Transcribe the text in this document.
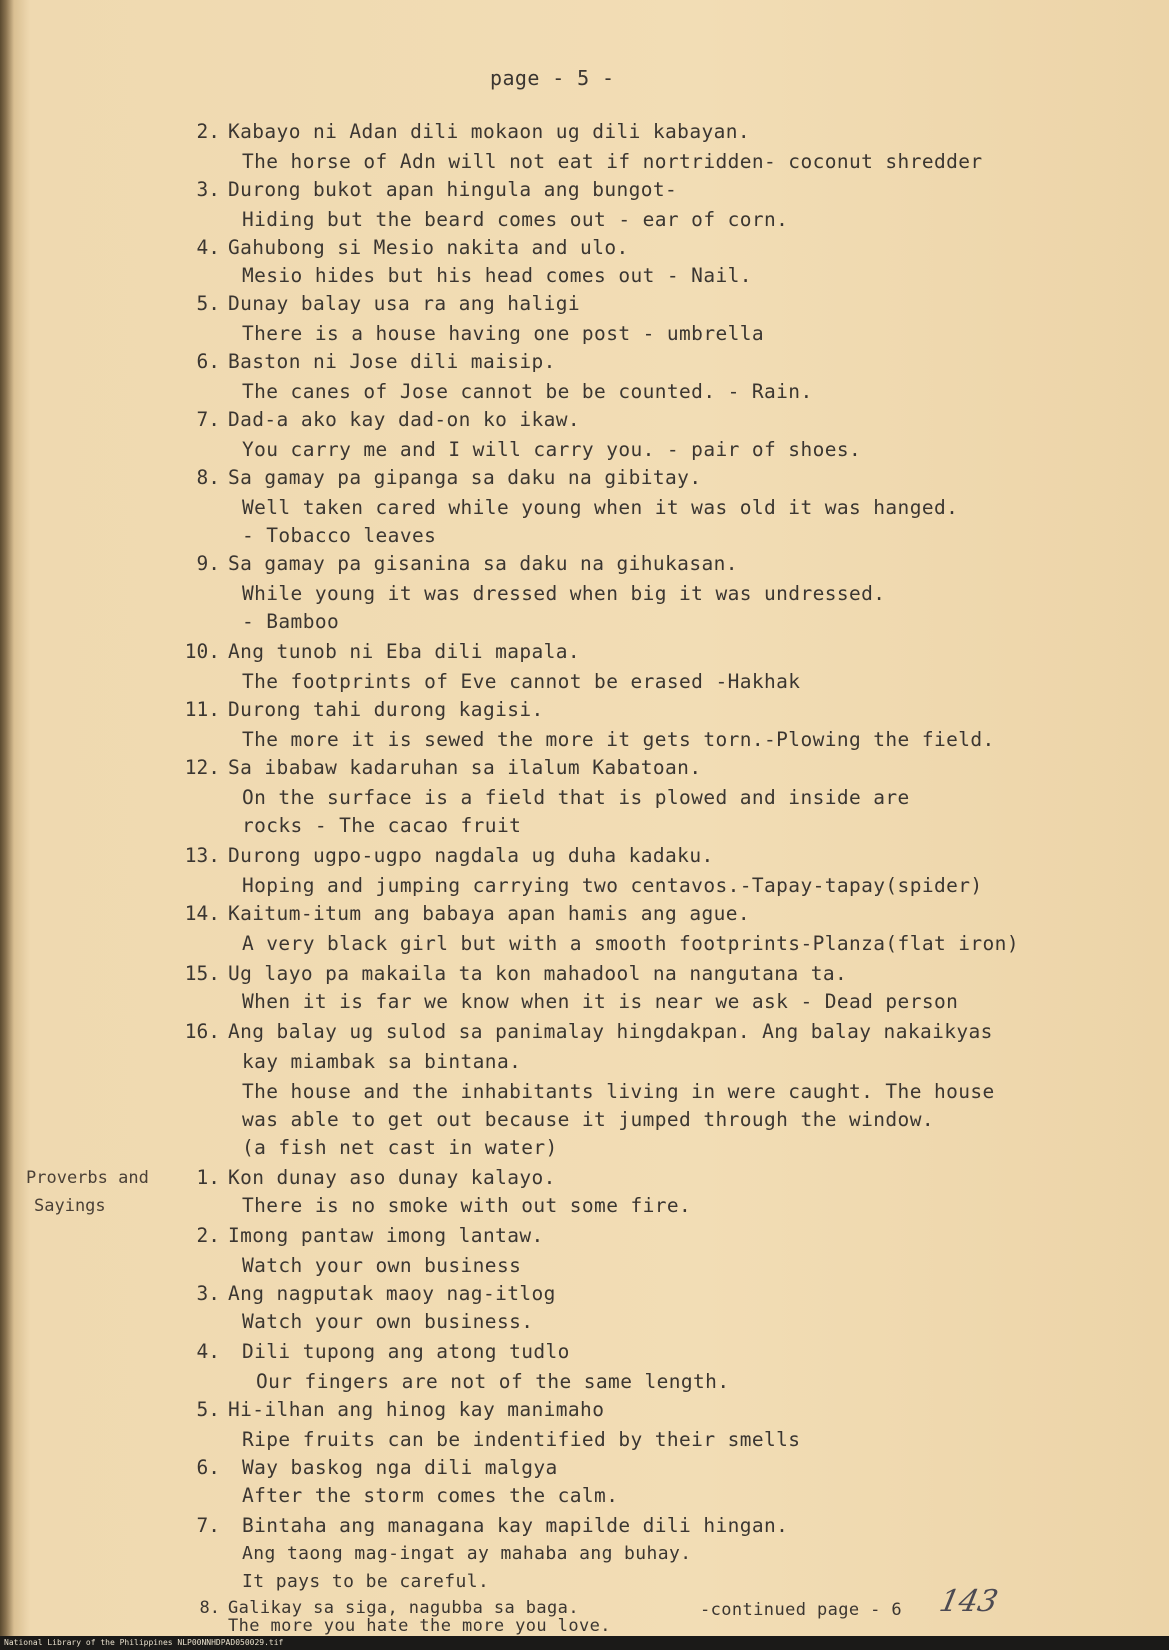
page - 5 -
2. Kabayo ni Adan dili mokaon ug dili kabayan.
The horse of Adn will not eat if nortridden- coconut shredder
3. Durong bukot apan hingula ang bungot-
Hiding but the beard comes out - ear of corn.
4. Gahubong si Mesio nakita and ulo.
Mesio hides but his head comes out - Nail.
5. Dunay balay usa ra ang haligi
There is a house having one post - umbrella
6. Baston ni Jose dili maisip.
The canes of Jose cannot be be counted. - Rain.
7. Dad-a ako kay dad-on ko ikaw.
You carry me and I will carry you. - pair of shoes.
8. Sa gamay pa gipanga sa daku na gibitay.
Well taken cared while young when it was old it was hanged.
- Tobacco leaves
9. Sa gamay pa gisanina sa daku na gihukasan.
While young it was dressed when big it was undressed.
- Bamboo
10. Ang tunob ni Eba dili mapala.
The footprints of Eve cannot be erased -Hakhak
11. Durong tahi durong kagisi.
The more it is sewed the more it gets torn.-Plowing the field.
12. Sa ibabaw kadaruhan sa ilalum Kabatoan.
On the surface is a field that is plowed and inside are
rocks - The cacao fruit
13. Durong ugpo-ugpo nagdala ug duha kadaku.
Hoping and jumping carrying two centavos.-Tapay-tapay(spider)
14. Kaitum-itum ang babaya apan hamis ang ague.
A very black girl but with a smooth footprints-Planza(flat iron)
15. Ug layo pa makaila ta kon mahadool na nangutana ta.
When it is far we know when it is near we ask - Dead person
16. Ang balay ug sulod sa panimalay hingdakpan. Ang balay nakaikyas
kay miambak sa bintana.
The house and the inhabitants living in were caught. The house
was able to get out because it jumped through the window.
(a fish net cast in water)
Proverbs and
Sayings
1. Kon dunay aso dunay kalayo.
There is no smoke with out some fire.
2. Imong pantaw imong lantaw.
Watch your own business
3. Ang nagputak maoy nag-itlog
Watch your own business.
4. Dili tupong ang atong tudlo
Our fingers are not of the same length.
5. Hi-ilhan ang hinog kay manimaho
Ripe fruits can be indentified by their smells
6. Way baskog nga dili malgya
After the storm comes the calm.
7. Bintaha ang managana kay mapilde dili hingan.
Ang taong mag-ingat ay mahaba ang buhay.
It pays to be careful.
8. Galikay sa siga, nagubba sa baga.
The more you hate the more you love.
-continued page - 6 143
National Library of the Philippines NLP00NNHDPAD050029.tif
